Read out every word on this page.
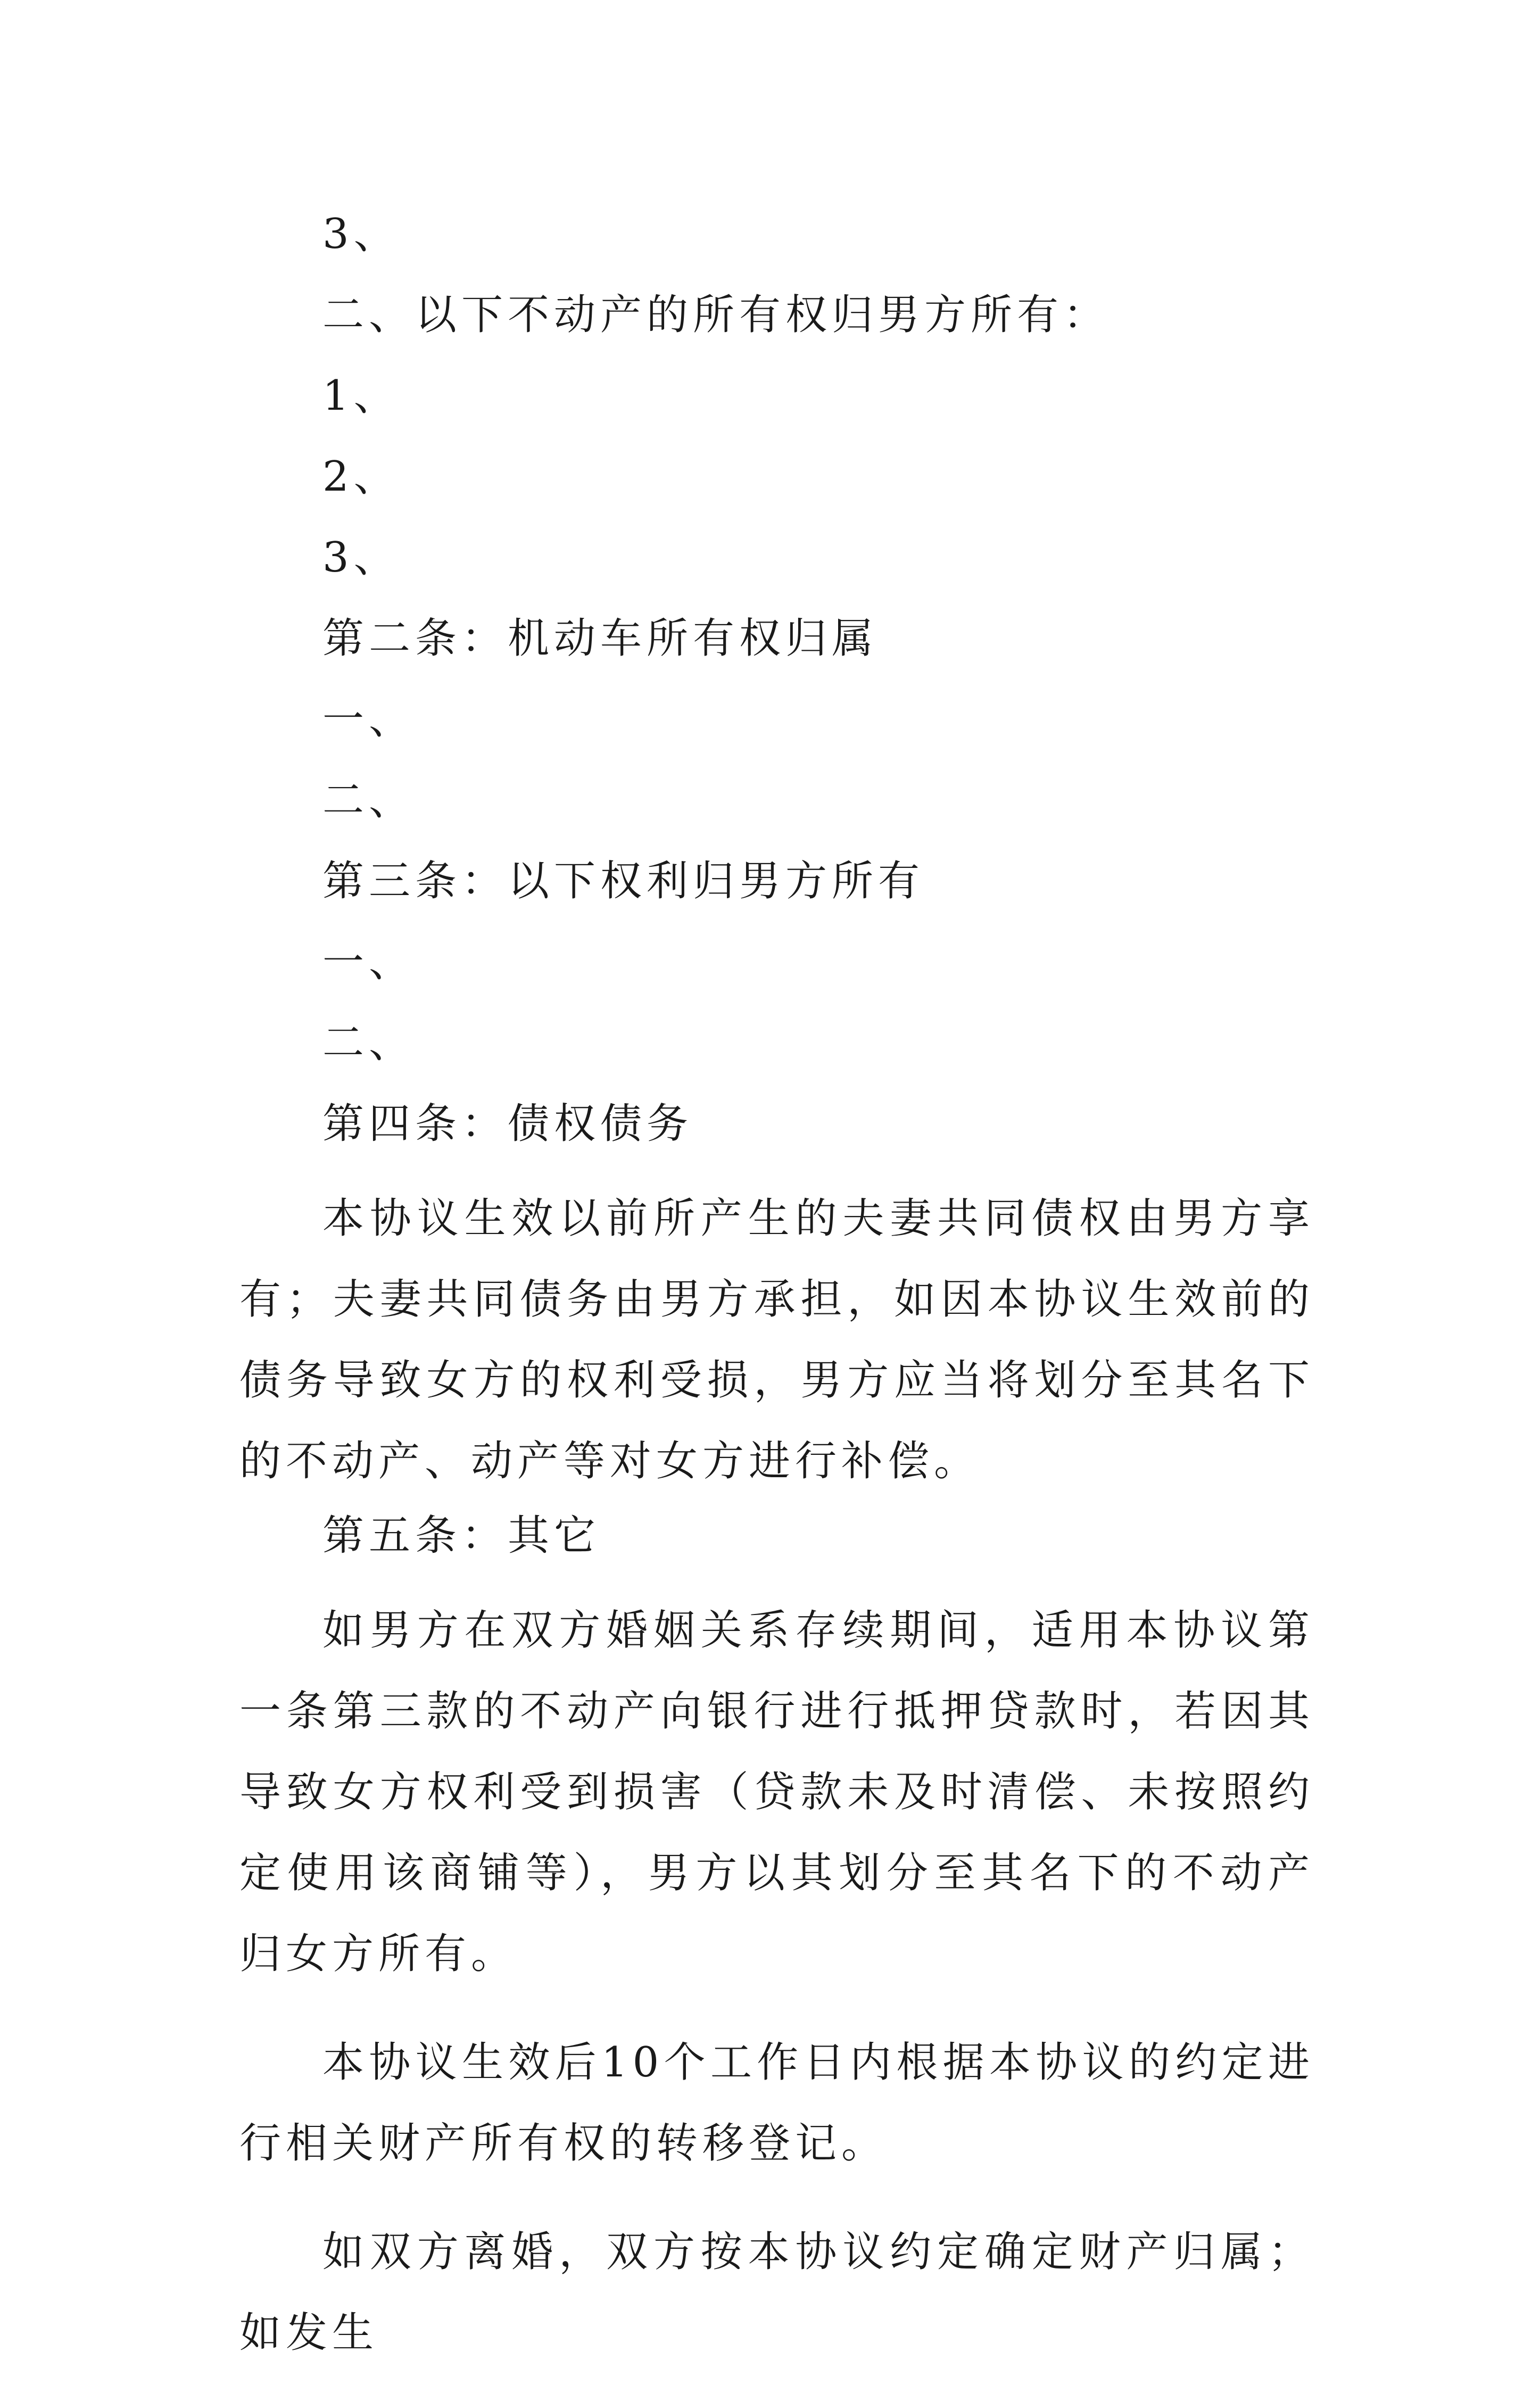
3、

二、以下不动产的所有权归男方所有：

1、

2、

3、

第二条：机动车所有权归属

一、

二、

第三条：以下权利归男方所有

一、

二、

第四条：债权债务

本协议生效以前所产生的夫妻共同债权由男方享有；夫妻共同债务由男方承担，如因本协议生效前的债务导致女方的权利受损，男方应当将划分至其名下的不动产、动产等对女方进行补偿。

第五条：其它

如男方在双方婚姻关系存续期间，适用本协议第一条第三款的不动产向银行进行抵押贷款时，若因其导致女方权利受到损害（贷款未及时清偿、未按照约定使用该商铺等），男方以其划分至其名下的不动产归女方所有。

本协议生效后10个工作日内根据本协议的约定进行相关财产所有权的转移登记。

如双方离婚，双方按本协议约定确定财产归属；如发生
